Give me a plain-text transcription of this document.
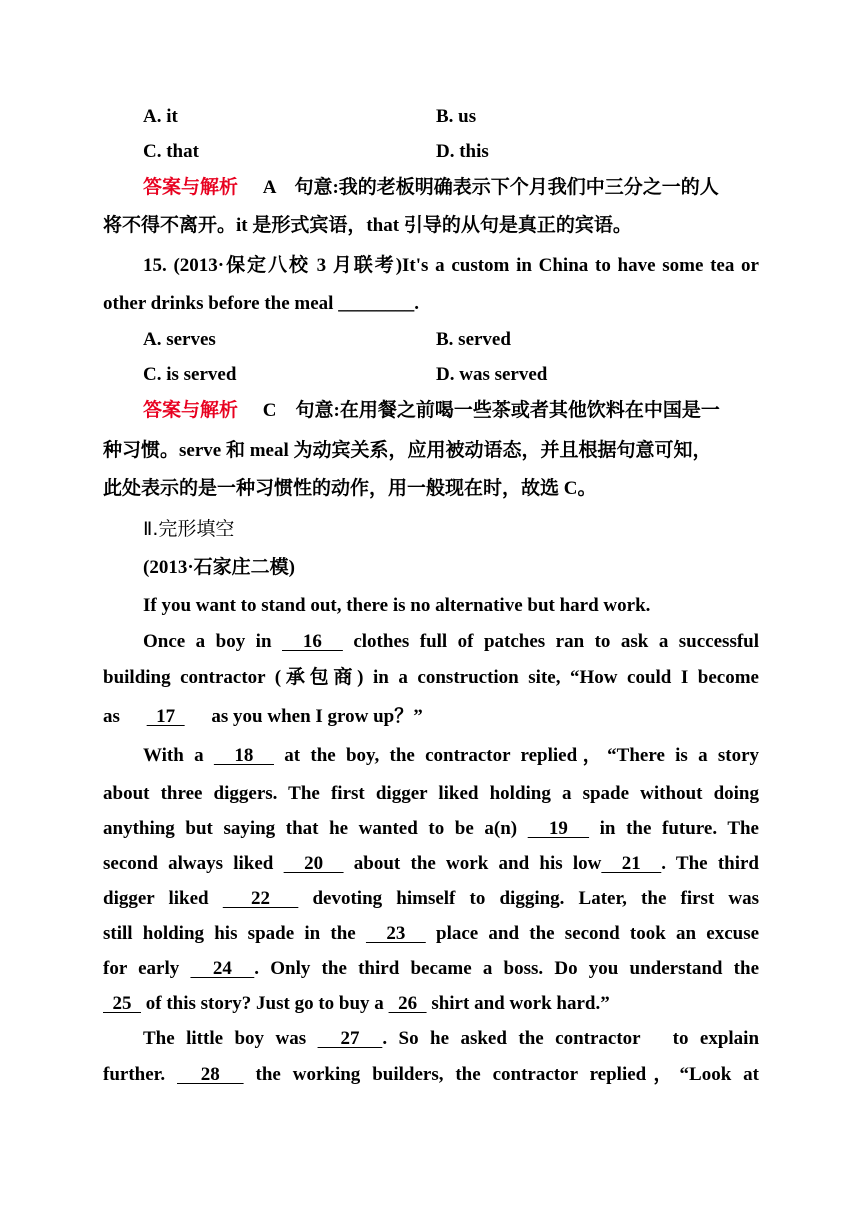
A. it	B. us
C. that	D. this
答案与解析 A　句意:我的老板明确表示下个月我们中三分之一的人
将不得不离开。it 是形式宾语，that 引导的从句是真正的宾语。
15. (2013·保定八校 3 月联考)It's a custom in China to have some tea or
other drinks before the meal ________.
A. serves	B. served
C. is served	D. was served
答案与解析 C　句意:在用餐之前喝一些茶或者其他饮料在中国是一
种习惯。serve 和 meal 为动宾关系，应用被动语态，并且根据句意可知，
此处表示的是一种习惯性的动作，用一般现在时，故选 C。
Ⅱ.完形填空
(2013·石家庄二模)
If you want to stand out, there is no alternative but hard work.
Once a boy in   16   clothes full of patches ran to ask a successful
building contractor (承包商) in a construction site, “How could I become
as   17   as you when I grow up？”
With a   18   at the boy, the contractor replied，“There is a story
about three diggers. The first digger liked holding a spade without doing
anything but saying that he wanted to be a(n)   19   in the future. The
second always liked   20   about the work and his low  21  . The third
digger liked   22   devoting himself to digging. Later, the first was
still holding his spade in the   23   place and the second took an excuse
for early   24  . Only the third became a boss. Do you understand the
25   of this story? Just go to buy a   26   shirt and work hard.”
The little boy was   27  . So he asked the contractor　to explain
further.   28   the working builders, the contractor replied，“Look at
